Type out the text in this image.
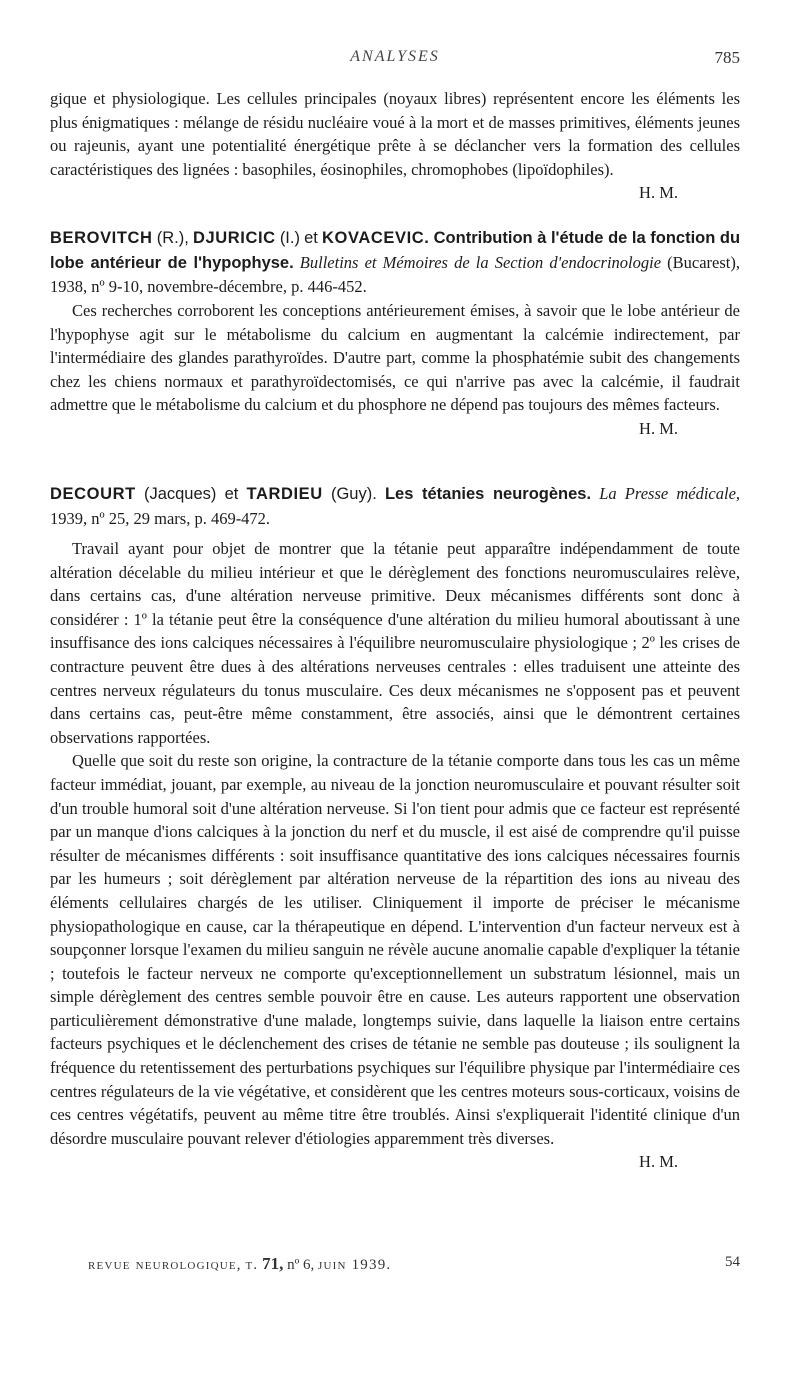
ANALYSES	785

gique et physiologique. Les cellules principales (noyaux libres) représentent encore les éléments les plus énigmatiques : mélange de résidu nucléaire voué à la mort et de masses primitives, éléments jeunes ou rajeunis, ayant une potentialité énergétique prête à se déclancher vers la formation des cellules caractéristiques des lignées : basophiles, éosinophiles, chromophobes (lipoïdophiles).

H. M.

BEROVITCH (R.), DJURICIC (I.) et KOVACEVIC. Contribution à l'étude de la fonction du lobe antérieur de l'hypophyse. Bulletins et Mémoires de la Section d'endocrinologie (Bucarest), 1938, nº 9-10, novembre-décembre, p. 446-452.

Ces recherches corroborent les conceptions antérieurement émises, à savoir que le lobe antérieur de l'hypophyse agit sur le métabolisme du calcium en augmentant la calcémie indirectement, par l'intermédiaire des glandes parathyroïdes. D'autre part, comme la phosphatémie subit des changements chez les chiens normaux et parathyroïdectomisés, ce qui n'arrive pas avec la calcémie, il faudrait admettre que le métabolisme du calcium et du phosphore ne dépend pas toujours des mêmes facteurs.

H. M.

DECOURT (Jacques) et TARDIEU (Guy). Les tétanies neurogènes. La Presse médicale, 1939, nº 25, 29 mars, p. 469-472.

Travail ayant pour objet de montrer que la tétanie peut apparaître indépendamment de toute altération décelable du milieu intérieur et que le dérèglement des fonctions neuromusculaires relève, dans certains cas, d'une altération nerveuse primitive. Deux mécanismes différents sont donc à considérer : 1º la tétanie peut être la conséquence d'une altération du milieu humoral aboutissant à une insuffisance des ions calciques nécessaires à l'équilibre neuromusculaire physiologique ; 2º les crises de contracture peuvent être dues à des altérations nerveuses centrales : elles traduisent une atteinte des centres nerveux régulateurs du tonus musculaire. Ces deux mécanismes ne s'opposent pas et peuvent dans certains cas, peut-être même constamment, être associés, ainsi que le démontrent certaines observations rapportées.

Quelle que soit du reste son origine, la contracture de la tétanie comporte dans tous les cas un même facteur immédiat, jouant, par exemple, au niveau de la jonction neuromusculaire et pouvant résulter soit d'un trouble humoral soit d'une altération nerveuse. Si l'on tient pour admis que ce facteur est représenté par un manque d'ions calciques à la jonction du nerf et du muscle, il est aisé de comprendre qu'il puisse résulter de mécanismes différents : soit insuffisance quantitative des ions calciques nécessaires fournis par les humeurs ; soit dérèglement par altération nerveuse de la répartition des ions au niveau des éléments cellulaires chargés de les utiliser. Cliniquement il importe de préciser le mécanisme physiopathologique en cause, car la thérapeutique en dépend. L'intervention d'un facteur nerveux est à soupçonner lorsque l'examen du milieu sanguin ne révèle aucune anomalie capable d'expliquer la tétanie ; toutefois le facteur nerveux ne comporte qu'exceptionnellement un substratum lésionnel, mais un simple dérèglement des centres semble pouvoir être en cause. Les auteurs rapportent une observation particulièrement démonstrative d'une malade, longtemps suivie, dans laquelle la liaison entre certains facteurs psychiques et le déclenchement des crises de tétanie ne semble pas douteuse ; ils soulignent la fréquence du retentissement des perturbations psychiques sur l'équilibre physique par l'intermédiaire ces centres régulateurs de la vie végétative, et considèrent que les centres moteurs sous-corticaux, voisins de ces centres végétatifs, peuvent au même titre être troublés. Ainsi s'expliquerait l'identité clinique d'un désordre musculaire pouvant relever d'étiologies apparemment très diverses.

H. M.

revue neurologique, t. 71, nº 6, juin 1939.	54
